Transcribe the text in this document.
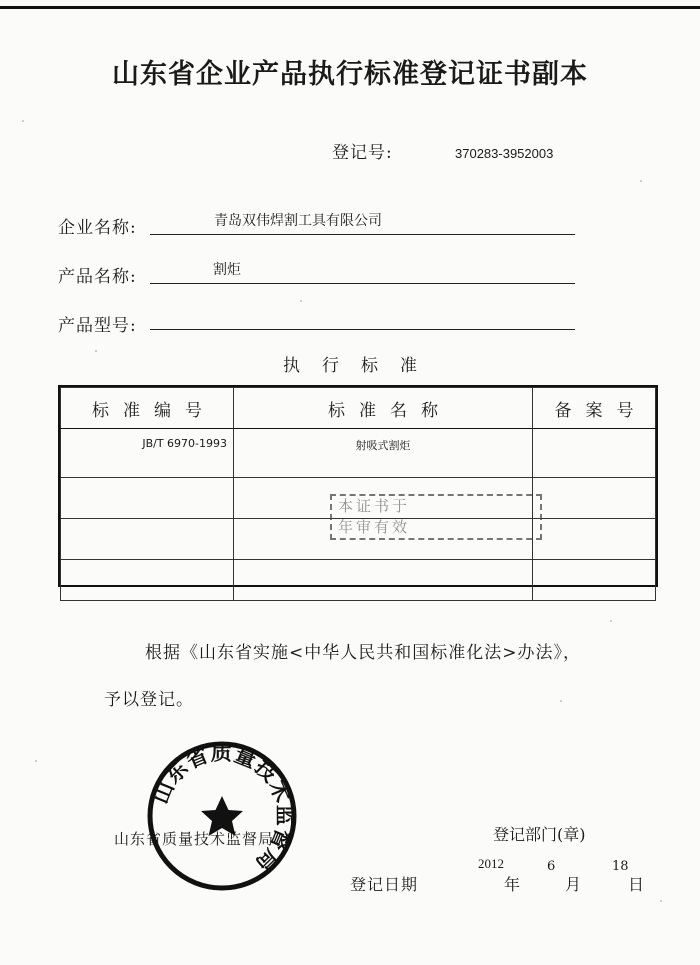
山东省企业产品执行标准登记证书副本
登记号:	370283-3952003
企业名称:	青岛双伟焊割工具有限公司
产品名称:	割炬
产品型号:
执行标准
标准编号	标准名称	备案号
JB/T 6970-1993	射吸式割炬	

本证书于
年审有效
根据《山东省实施<中华人民共和国标准化法>办法》，
予以登记。
山东省质量技术监督局
山东省质量技术监督局
登记部门(章)
登记日期
2012
年
6
月
18
日
